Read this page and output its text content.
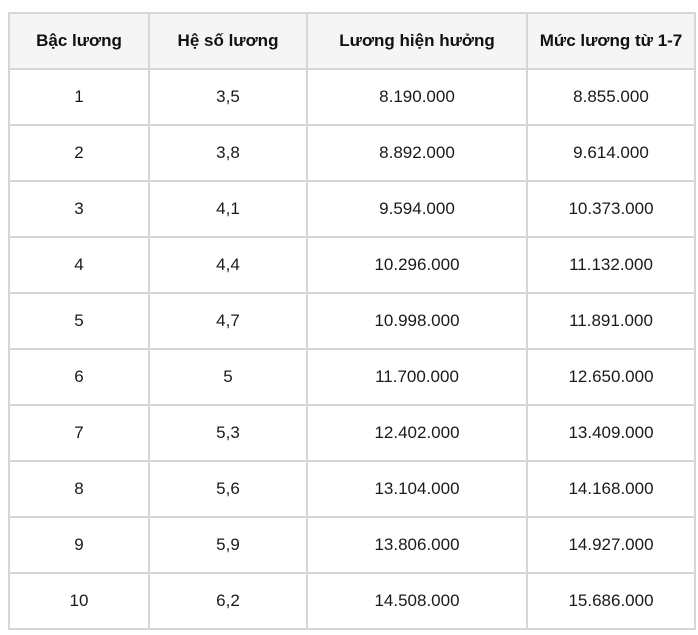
Bậc lương	Hệ số lương	Lương hiện hưởng	Mức lương từ 1-7
1	3,5	8.190.000	8.855.000
2	3,8	8.892.000	9.614.000
3	4,1	9.594.000	10.373.000
4	4,4	10.296.000	11.132.000
5	4,7	10.998.000	11.891.000
6	5	11.700.000	12.650.000
7	5,3	12.402.000	13.409.000
8	5,6	13.104.000	14.168.000
9	5,9	13.806.000	14.927.000
10	6,2	14.508.000	15.686.000
